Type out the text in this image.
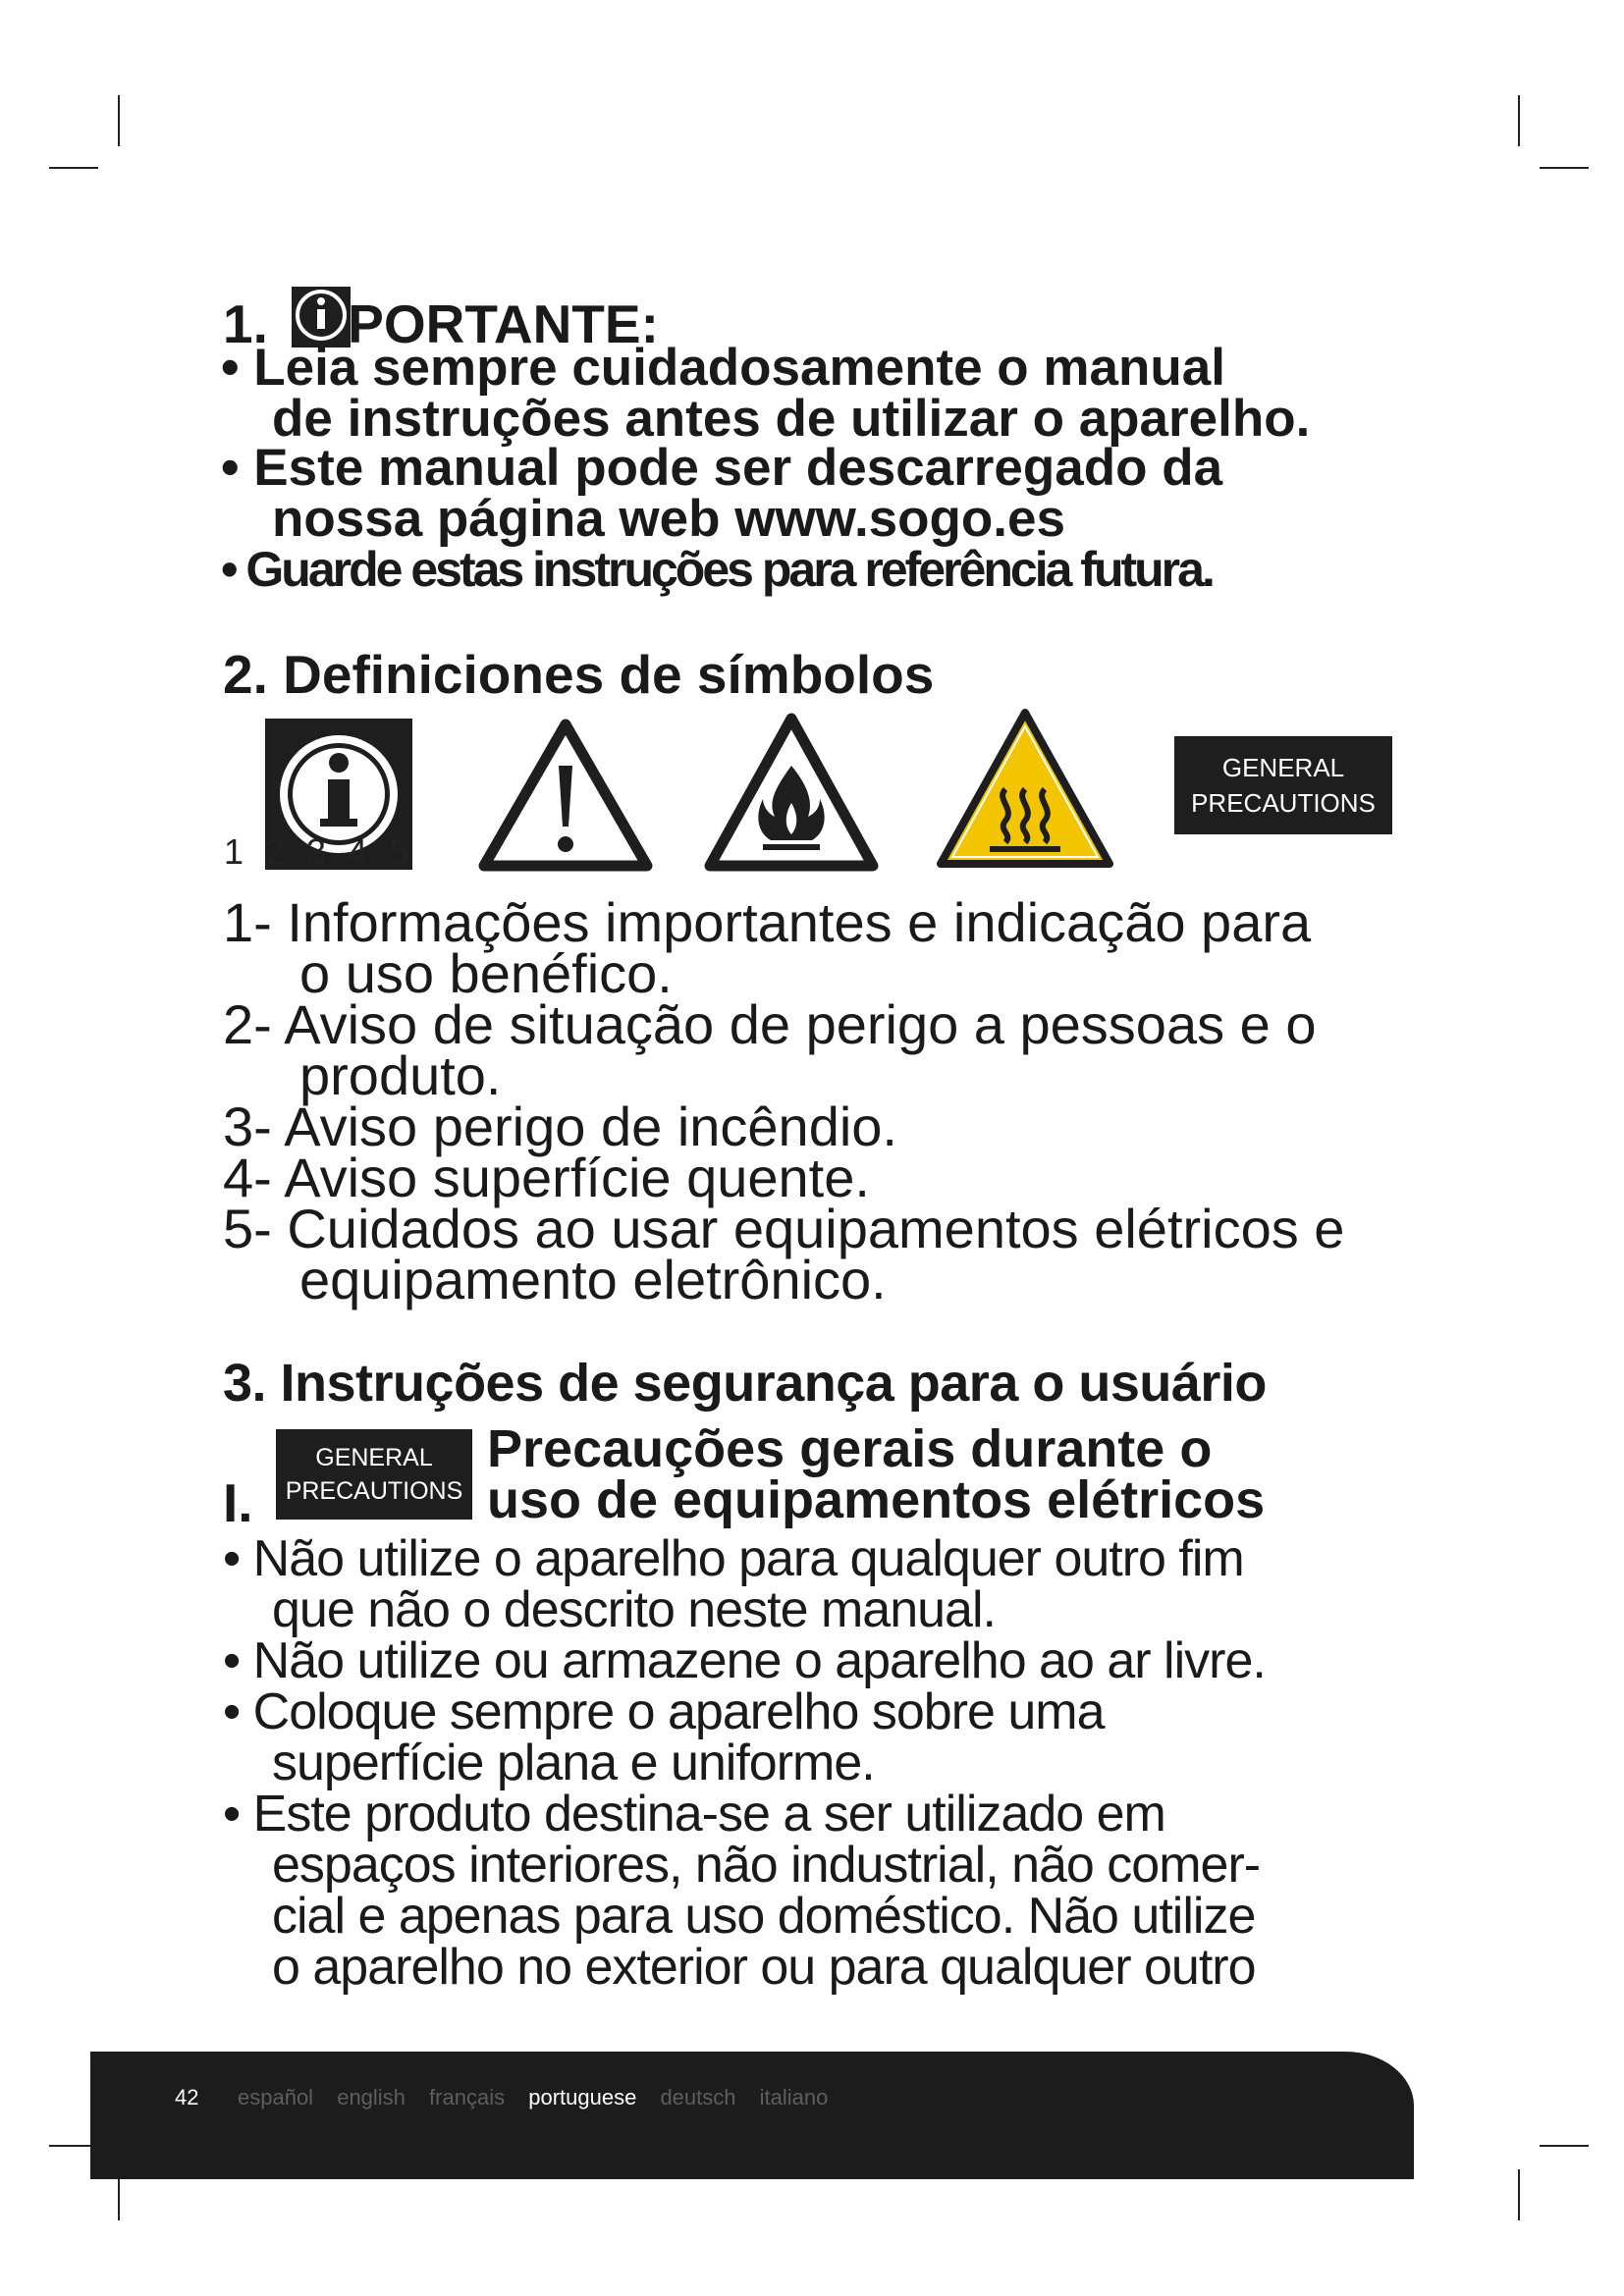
1. PORTANTE:
• Leia sempre cuidadosamente o manual
de instruções antes de utilizar o aparelho.
• Este manual pode ser descarregado da
nossa página web www.sogo.es
• Guarde estas instruções para referência futura.
2. Definiciones de símbolos
GENERAL
PRECAUTIONS
1 2 3 4 5
1- Informações importantes e indicação para
o uso benéfico.
2- Aviso de situação de perigo a pessoas e o
produto.
3- Aviso perigo de incêndio.
4- Aviso superfície quente.
5- Cuidados ao usar equipamentos elétricos e
equipamento eletrônico.
3. Instruções de segurança para o usuário
I.
GENERAL
PRECAUTIONS
Precauções gerais durante o
uso de equipamentos elétricos
• Não utilize o aparelho para qualquer outro fim
que não o descrito neste manual.
• Não utilize ou armazene o aparelho ao ar livre.
• Coloque sempre o aparelho sobre uma
superfície plana e uniforme.
• Este produto destina-se a ser utilizado em
espaços interiores, não industrial, não comer-
cial e apenas para uso doméstico. Não utilize
o aparelho no exterior ou para qualquer outro
42 español english français portuguese deutsch italiano
